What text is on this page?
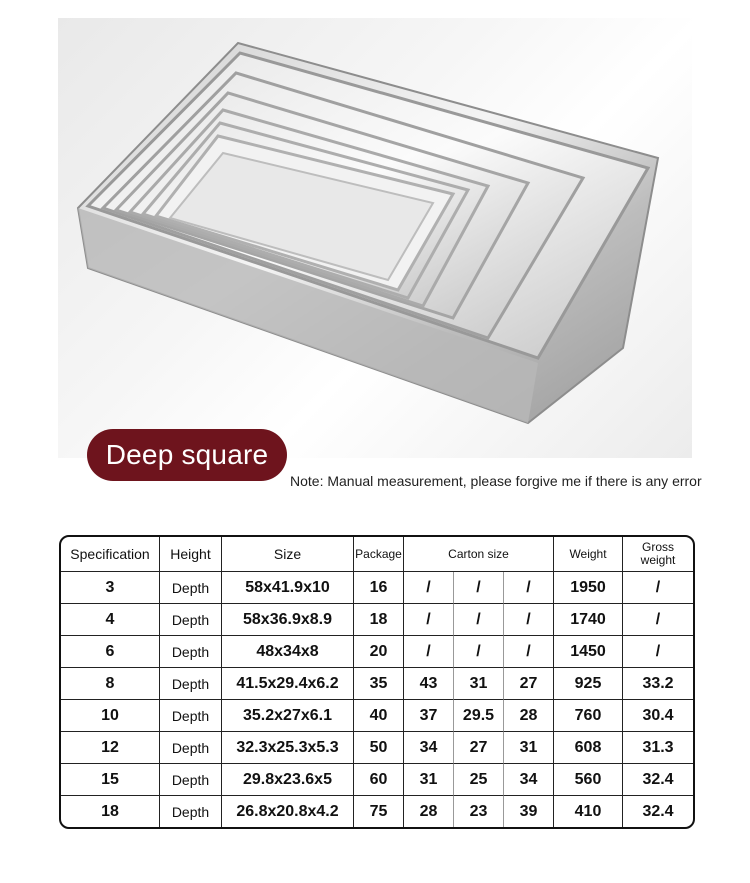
Deep square
Note: Manual measurement, please forgive me if there is any error
Specification	Height	Size	Package	Carton size			Weight	Gross weight
3	Depth	58x41.9x10	16	/	/	/	1950	/
4	Depth	58x36.9x8.9	18	/	/	/	1740	/
6	Depth	48x34x8	20	/	/	/	1450	/
8	Depth	41.5x29.4x6.2	35	43	31	27	925	33.2
10	Depth	35.2x27x6.1	40	37	29.5	28	760	30.4
12	Depth	32.3x25.3x5.3	50	34	27	31	608	31.3
15	Depth	29.8x23.6x5	60	31	25	34	560	32.4
18	Depth	26.8x20.8x4.2	75	28	23	39	410	32.4
